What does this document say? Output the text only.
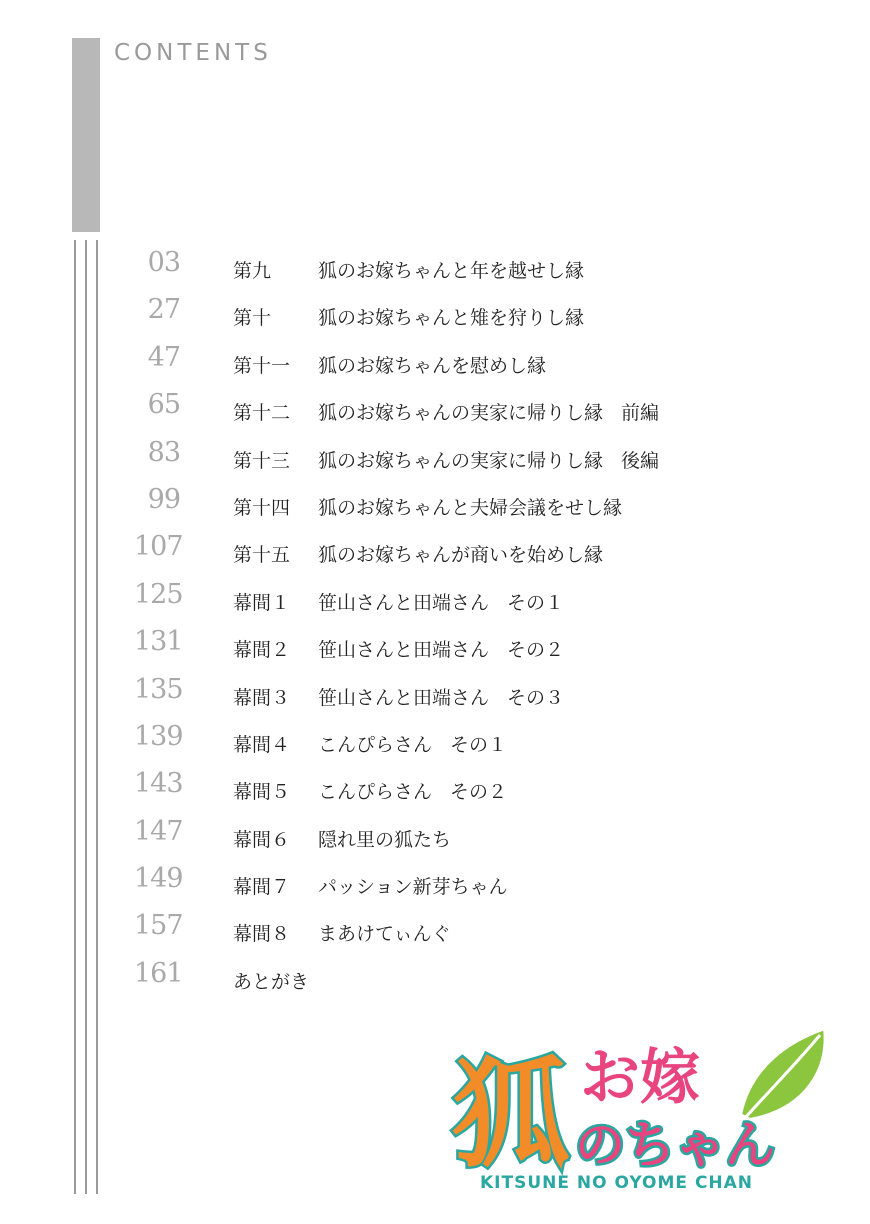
CONTENTS
03	第九 狐のお嫁ちゃんと年を越せし縁
27	第十 狐のお嫁ちゃんと雉を狩りし縁
47	第十一 狐のお嫁ちゃんを慰めし縁
65	第十二 狐のお嫁ちゃんの実家に帰りし縁 前編
83	第十三 狐のお嫁ちゃんの実家に帰りし縁 後編
99	第十四 狐のお嫁ちゃんと夫婦会議をせし縁
107	第十五 狐のお嫁ちゃんが商いを始めし縁
125	幕間１ 笹山さんと田端さん その１
131	幕間２ 笹山さんと田端さん その２
135	幕間３ 笹山さんと田端さん その３
139	幕間４ こんぴらさん その１
143	幕間５ こんぴらさん その２
147	幕間６ 隠れ里の狐たち
149	幕間７ パッション新芽ちゃん
157	幕間８ まあけてぃんぐ
161	あとがき
狐 お嫁
のちゃん
KITSUNE NO OYOME CHAN
